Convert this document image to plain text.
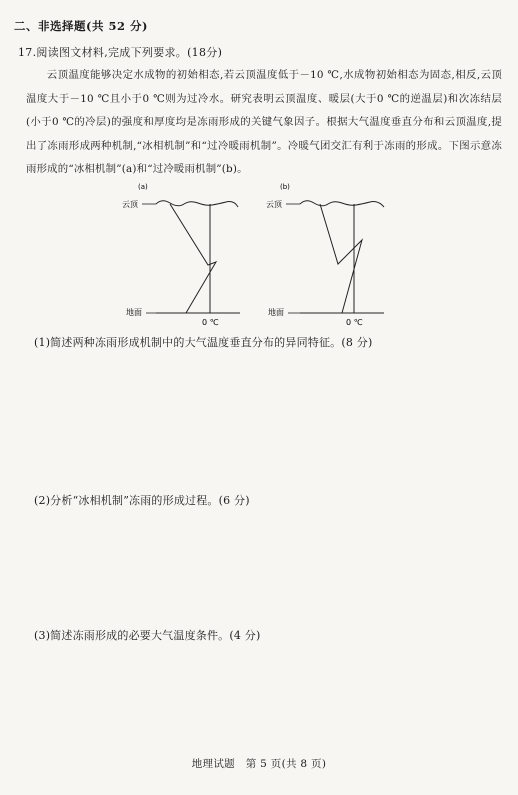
二、非选择题(共 52 分)
17.阅读图文材料,完成下列要求。(18分)
云顶温度能够决定水成物的初始相态,若云顶温度低于－10 ℃,水成物初始相态为固态,相反,云顶温度大于－10 ℃且小于0 ℃则为过冷水。研究表明云顶温度、暖层(大于0 ℃的逆温层)和次冻结层(小于0 ℃的冷层)的强度和厚度均是冻雨形成的关键气象因子。根据大气温度垂直分布和云顶温度,提出了冻雨形成两种机制,“冰相机制”和“过冷暖雨机制”。冷暖气团交汇有利于冻雨的形成。下图示意冻雨形成的“冰相机制”(a)和“过冷暖雨机制”(b)。
(a)
云顶
地面
0 ℃
(b)
云顶
地面
0 ℃
(1)简述两种冻雨形成机制中的大气温度垂直分布的异同特征。(8 分)
(2)分析“冰相机制”冻雨的形成过程。(6 分)
(3)简述冻雨形成的必要大气温度条件。(4 分)
地理试题　第 5 页(共 8 页)
